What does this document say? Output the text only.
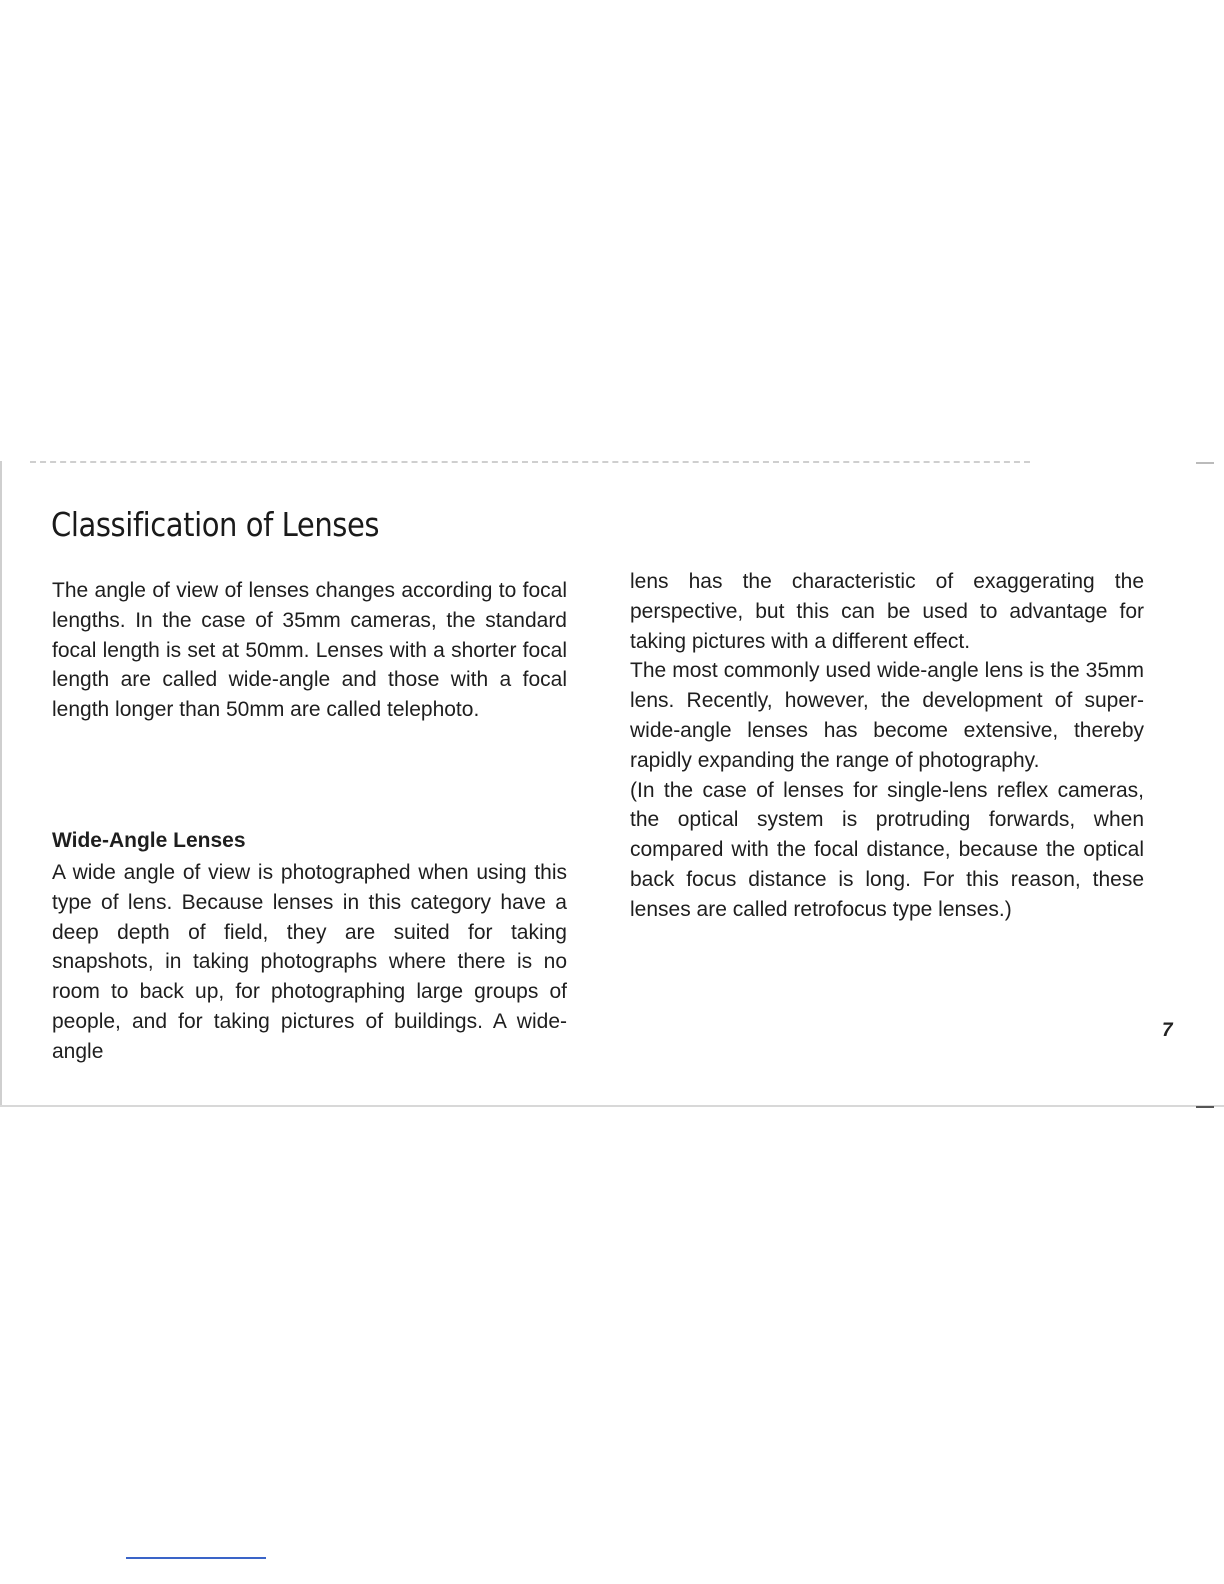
Classification of Lenses

The angle of view of lenses changes according to focal lengths. In the case of 35mm cameras, the standard focal length is set at 50mm. Lenses with a shorter focal length are called wide-angle and those with a focal length longer than 50mm are called telephoto.

Wide-Angle Lenses

A wide angle of view is photographed when using this type of lens. Because lenses in this category have a deep depth of field, they are suited for taking snapshots, in taking photographs where there is no room to back up, for photographing large groups of people, and for taking pictures of buildings. A wide-angle

lens has the characteristic of exaggerating the perspective, but this can be used to advantage for taking pictures with a different effect.

The most commonly used wide-angle lens is the 35mm lens. Recently, however, the development of super-wide-angle lenses has become extensive, thereby rapidly expanding the range of photography.

(In the case of lenses for single-lens reflex cameras, the optical system is protruding forwards, when compared with the focal distance, because the optical back focus distance is long. For this reason, these lenses are called retrofocus type lenses.)

7
